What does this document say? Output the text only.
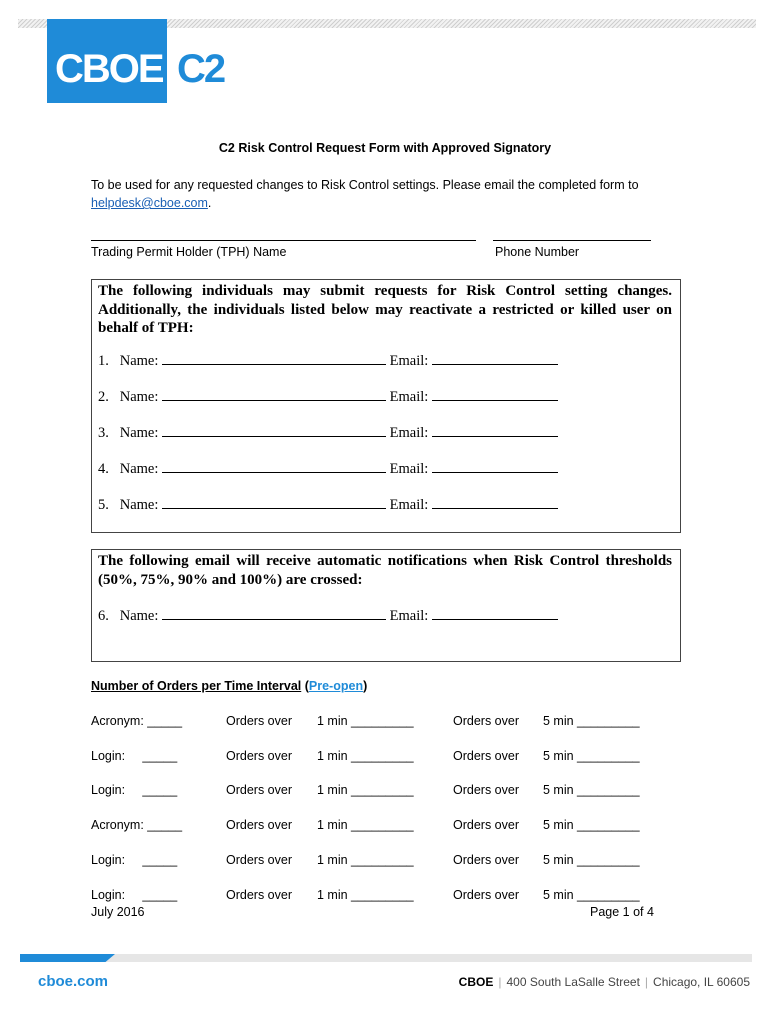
CBOE C2
C2 Risk Control Request Form with Approved Signatory
To be used for any requested changes to Risk Control settings. Please email the completed form to
helpdesk@cboe.com.
Trading Permit Holder (TPH) Name	Phone Number
The following individuals may submit requests for Risk Control setting changes. Additionally, the individuals listed below may reactivate a restricted or killed user on behalf of TPH:
1. Name:	Email:
2. Name:	Email:
3. Name:	Email:
4. Name:	Email:
5. Name:	Email:
The following email will receive automatic notifications when Risk Control thresholds (50%, 75%, 90% and 100%) are crossed:
6. Name:	Email:
Number of Orders per Time Interval (Pre-open)
Acronym: _____	Orders over 1 min _________	Orders over 5 min _________
Login:     _____	Orders over 1 min _________	Orders over 5 min _________
Login:     _____	Orders over 1 min _________	Orders over 5 min _________
Acronym: _____	Orders over 1 min _________	Orders over 5 min _________
Login:     _____	Orders over 1 min _________	Orders over 5 min _________
Login:     _____	Orders over 1 min _________	Orders over 5 min _________
July 2016	Page 1 of 4
cboe.com	CBOE | 400 South LaSalle Street | Chicago, IL 60605
